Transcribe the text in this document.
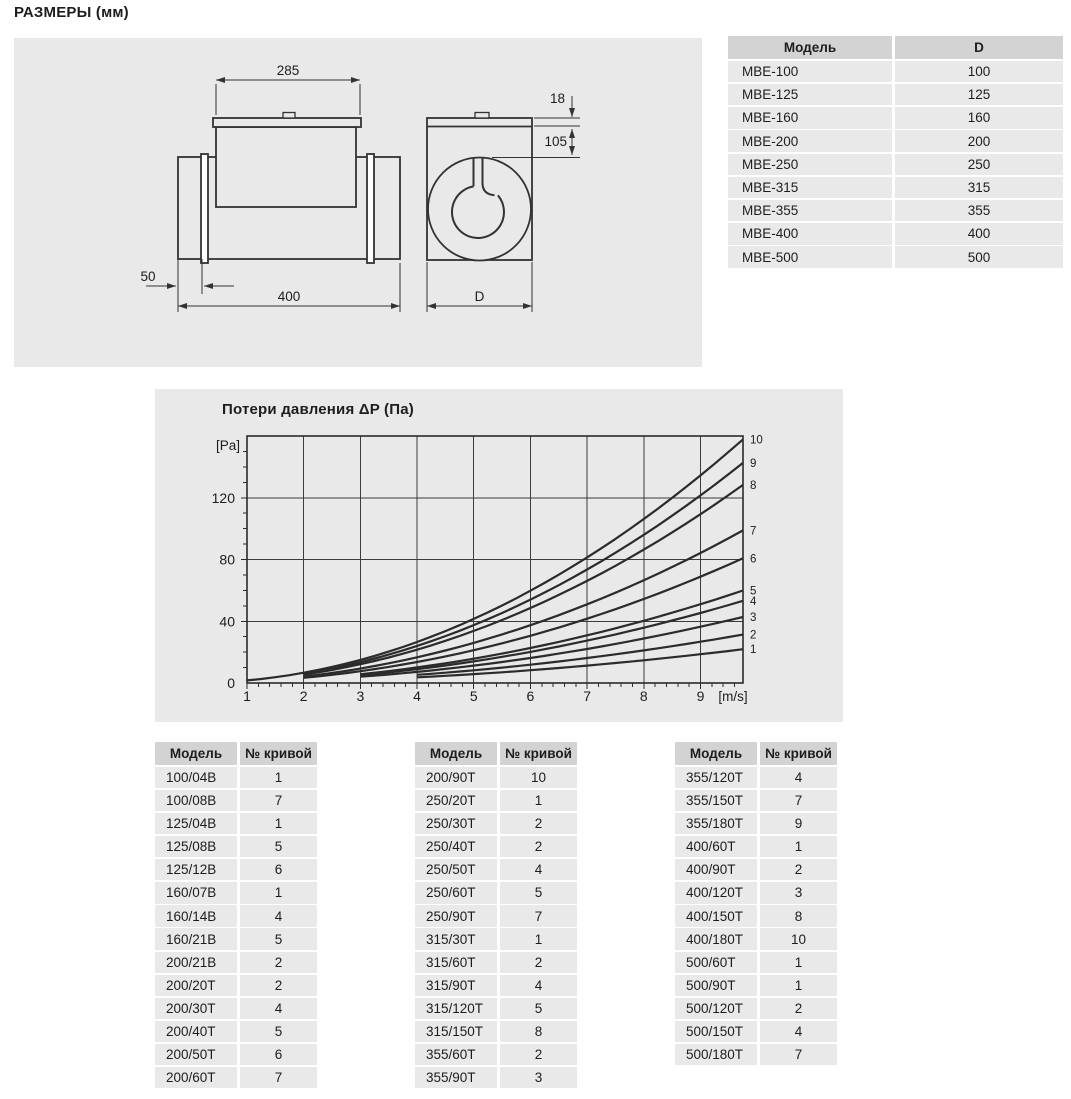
РАЗМЕРЫ (мм)
285
50
400
18
105
D
Модель	D
MBE-100	100
MBE-125	125
MBE-160	160
MBE-200	200
MBE-250	250
MBE-315	315
MBE-355	355
MBE-400	400
MBE-500	500
Потери давления ΔP (Па)
1	2	3	4	5	6	7	8	9 [m/s]
0
40
80
120
[Pa]
1
2
3
4
5
6
7
8
9
10
Модель	№ кривой
100/04B	1
100/08B	7
125/04B	1
125/08B	5
125/12B	6
160/07B	1
160/14B	4
160/21B	5
200/21B	2
200/20T	2
200/30T	4
200/40T	5
200/50T	6
200/60T	7
Модель	№ кривой
200/90T	10
250/20T	1
250/30T	2
250/40T	2
250/50T	4
250/60T	5
250/90T	7
315/30T	1
315/60T	2
315/90T	4
315/120T	5
315/150T	8
355/60T	2
355/90T	3
Модель	№ кривой
355/120T	4
355/150T	7
355/180T	9
400/60T	1
400/90T	2
400/120T	3
400/150T	8
400/180T	10
500/60T	1
500/90T	1
500/120T	2
500/150T	4
500/180T	7
